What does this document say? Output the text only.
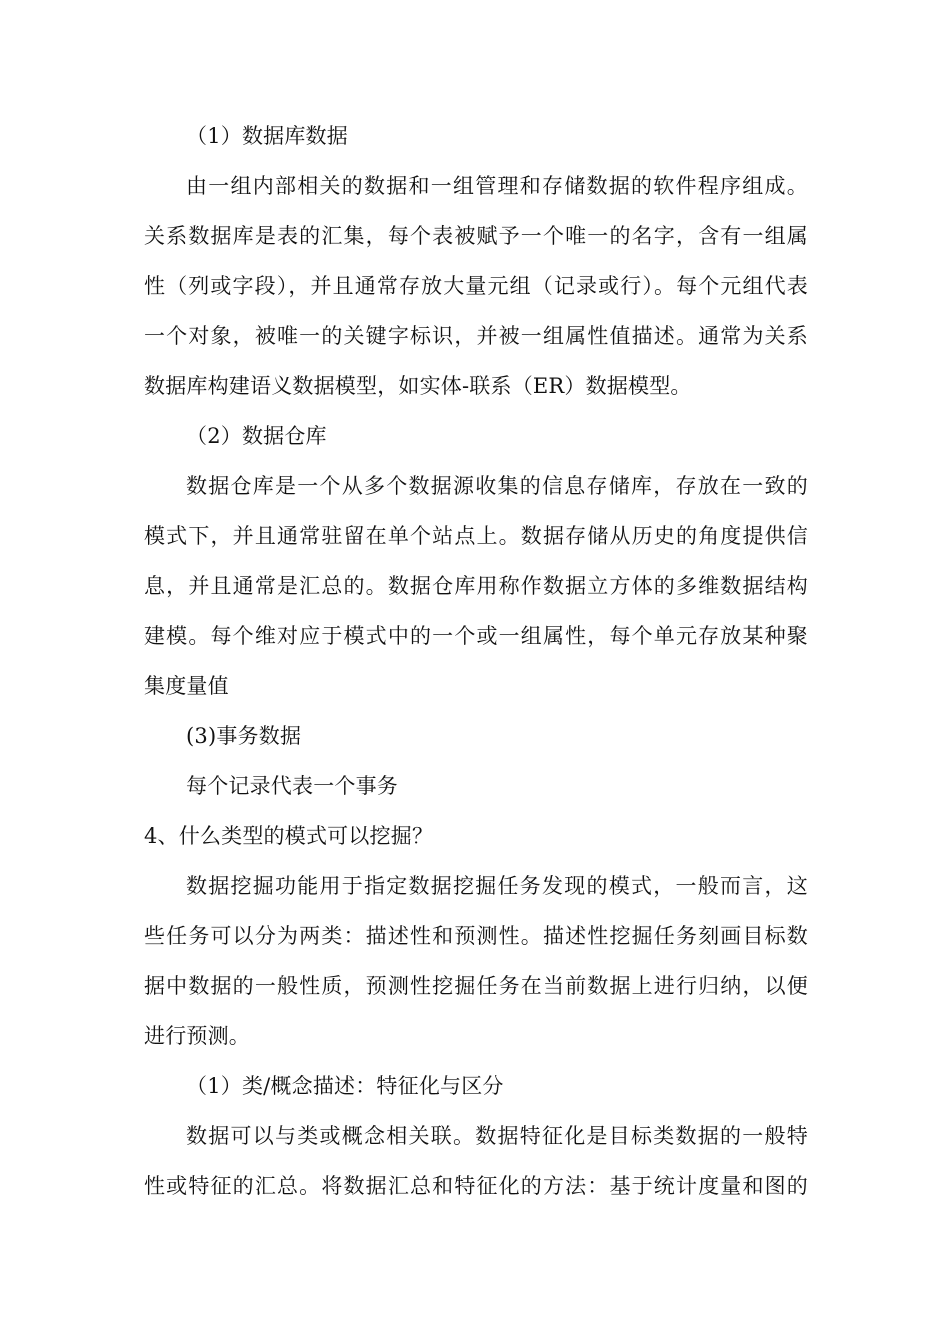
（1）数据库数据
由一组内部相关的数据和一组管理和存储数据的软件程序组成。
关系数据库是表的汇集，每个表被赋予一个唯一的名字，含有一组属
性（列或字段），并且通常存放大量元组（记录或行）。每个元组代表
一个对象，被唯一的关键字标识，并被一组属性值描述。通常为关系
数据库构建语义数据模型，如实体-联系（ER）数据模型。
（2）数据仓库
数据仓库是一个从多个数据源收集的信息存储库，存放在一致的
模式下，并且通常驻留在单个站点上。数据存储从历史的角度提供信
息，并且通常是汇总的。数据仓库用称作数据立方体的多维数据结构
建模。每个维对应于模式中的一个或一组属性，每个单元存放某种聚
集度量值
(3)事务数据
每个记录代表一个事务
4、什么类型的模式可以挖掘？
数据挖掘功能用于指定数据挖掘任务发现的模式，一般而言，这
些任务可以分为两类：描述性和预测性。描述性挖掘任务刻画目标数
据中数据的一般性质，预测性挖掘任务在当前数据上进行归纳，以便
进行预测。
（1）类/概念描述：特征化与区分
数据可以与类或概念相关联。数据特征化是目标类数据的一般特
性或特征的汇总。将数据汇总和特征化的方法：基于统计度量和图的
